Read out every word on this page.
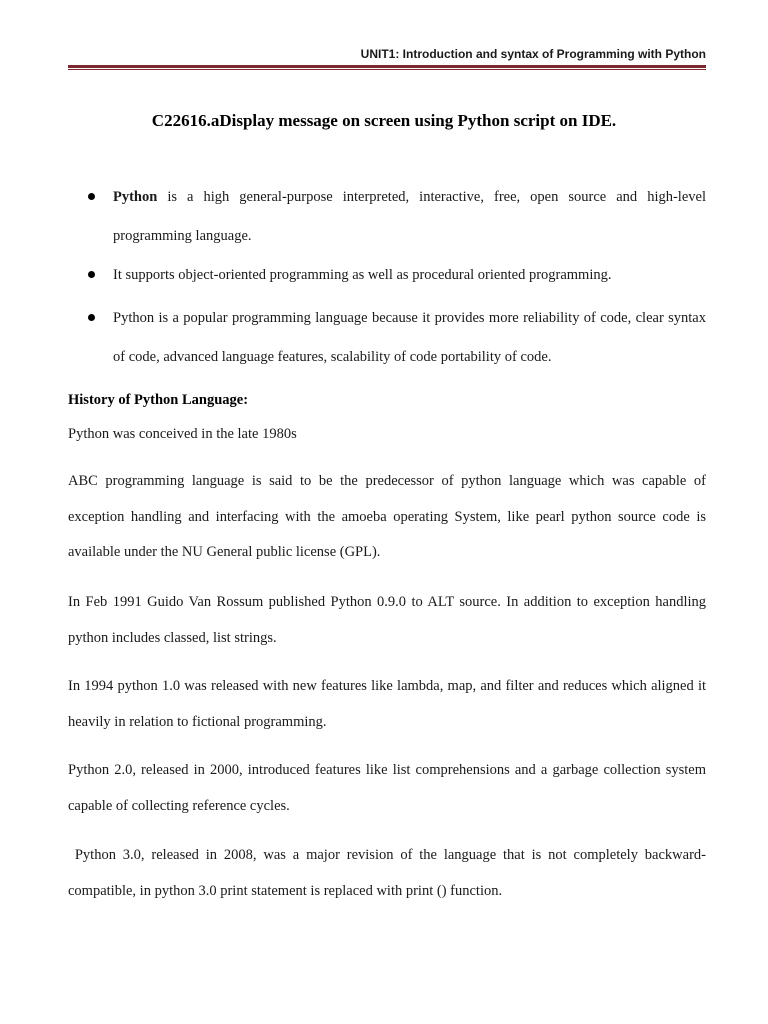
UNIT1: Introduction and syntax of Programming with Python
C22616.aDisplay message on screen using Python script on IDE.
Python is a high general-purpose interpreted, interactive, free, open source and high-level programming language.
It supports object-oriented programming as well as procedural oriented programming.
Python is a popular programming language because it provides more reliability of code, clear syntax of code, advanced language features, scalability of code portability of code.
History of Python Language:

Python was conceived in the late 1980s

ABC programming language is said to be the predecessor of python language which was capable of exception handling and interfacing with the amoeba operating System, like pearl python source code is available under the NU General public license (GPL).

In Feb 1991 Guido Van Rossum published Python 0.9.0 to ALT source. In addition to exception handling python includes classed, list strings.

In 1994 python 1.0 was released with new features like lambda, map, and filter and reduces which aligned it heavily in relation to fictional programming.

Python 2.0, released in 2000, introduced features like list comprehensions and a garbage collection system capable of collecting reference cycles.

Python 3.0, released in 2008, was a major revision of the language that is not completely backward-compatible, in python 3.0 print statement is replaced with print () function.
